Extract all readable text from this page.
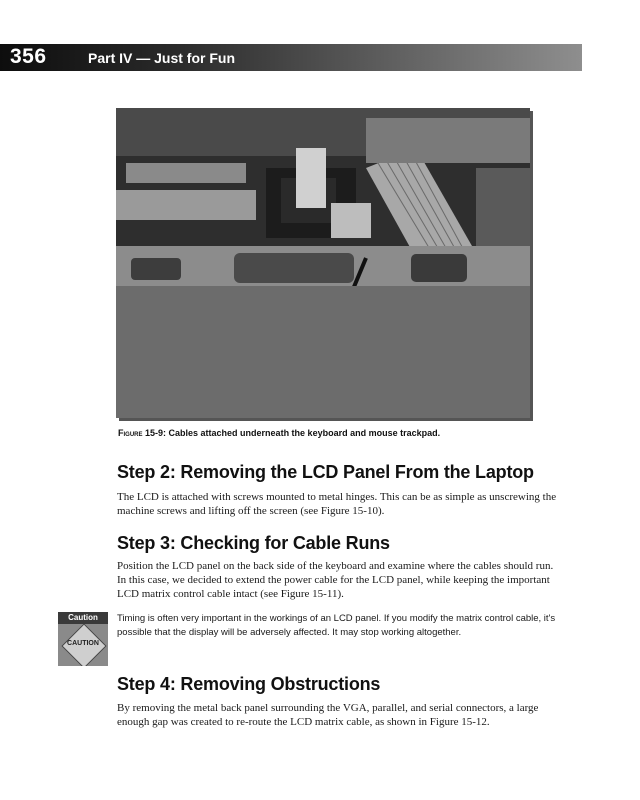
356	Part IV — Just for Fun
Figure 15-9: Cables attached underneath the keyboard and mouse trackpad.
Step 2: Removing the LCD Panel From the Laptop

The LCD is attached with screws mounted to metal hinges. This can be as simple as unscrewing the machine screws and lifting off the screen (see Figure 15-10).

Step 3: Checking for Cable Runs

Position the LCD panel on the back side of the keyboard and examine where the cables should run. In this case, we decided to extend the power cable for the LCD panel, while keeping the important LCD matrix control cable intact (see Figure 15-11).

Caution
CAUTION

Timing is often very important in the workings of an LCD panel. If you modify the matrix control cable, it's possible that the display will be adversely affected. It may stop working altogether.

Step 4: Removing Obstructions

By removing the metal back panel surrounding the VGA, parallel, and serial connectors, a large enough gap was created to re-route the LCD matrix cable, as shown in Figure 15-12.
